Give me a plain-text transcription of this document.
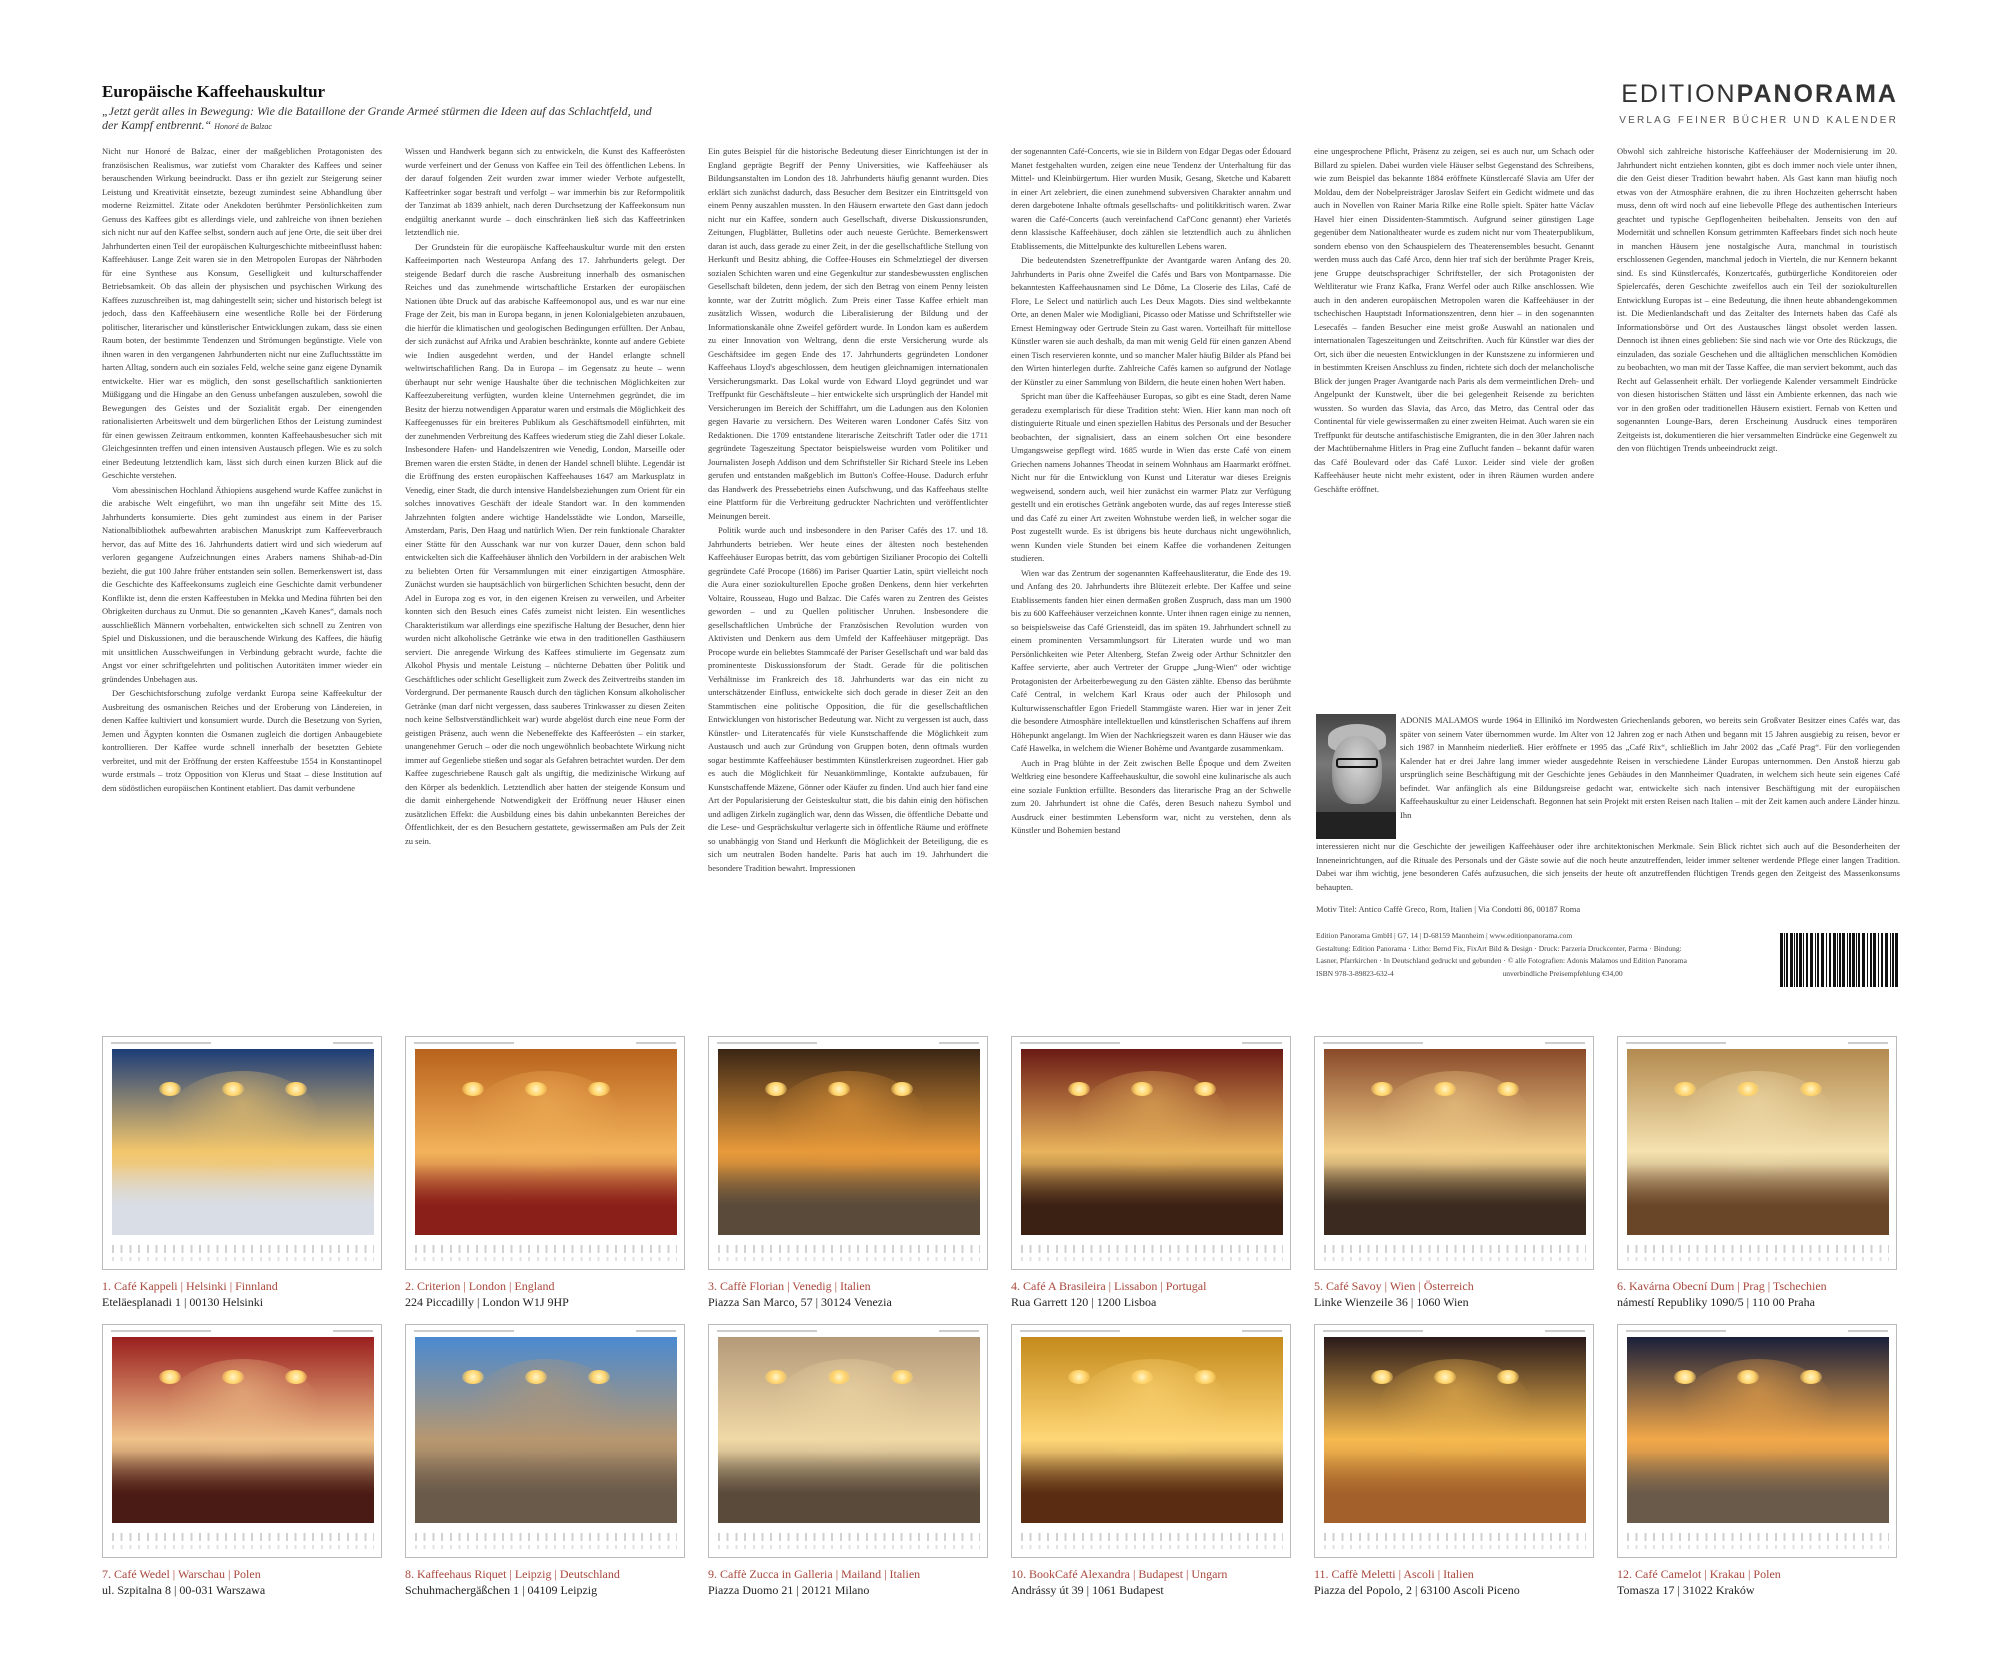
Europäische Kaffeehauskultur
„Jetzt gerät alles in Bewegung: Wie die Bataillone der Grande Armeé stürmen die Ideen auf das Schlachtfeld, und der Kampf entbrennt.“ Honoré de Balzac
EDITIONPANORAMA
VERLAG FEINER BÜCHER UND KALENDER

Nicht nur Honoré de Balzac, einer der maßgeblichen Protagonisten des französischen Realismus, war zutiefst vom Charakter des Kaffees und seiner berauschenden Wirkung beeindruckt. Dass er ihn gezielt zur Steigerung seiner Leistung und Kreativität einsetzte, bezeugt zumindest seine Abhandlung über moderne Reizmittel. Zitate oder Anekdoten berühmter Persönlichkeiten zum Genuss des Kaffees gibt es allerdings viele, und zahlreiche von ihnen beziehen sich nicht nur auf den Kaffee selbst, sondern auch auf jene Orte, die seit über drei Jahrhunderten einen Teil der europäischen Kulturgeschichte mitbeeinflusst haben: Kaffeehäuser. Lange Zeit waren sie in den Metropolen Europas der Nährboden für eine Synthese aus Konsum, Geselligkeit und kulturschaffender Betriebsamkeit. Ob das allein der physischen und psychischen Wirkung des Kaffees zuzuschreiben ist, mag dahingestellt sein; sicher und historisch belegt ist jedoch, dass den Kaffeehäusern eine wesentliche Rolle bei der Förderung politischer, literarischer und künstlerischer Entwicklungen zukam, dass sie einen Raum boten, der bestimmte Tendenzen und Strömungen begünstigte. Viele von ihnen waren in den vergangenen Jahrhunderten nicht nur eine Zufluchtsstätte im harten Alltag, sondern auch ein soziales Feld, welche seine ganz eigene Dynamik entwickelte. Hier war es möglich, den sonst gesellschaftlich sanktionierten Müßiggang und die Hingabe an den Genuss unbefangen auszuleben, sowohl die Bewegungen des Geistes und der Sozialität ergab. Der einengenden rationalisierten Arbeitswelt und dem bürgerlichen Ethos der Leistung zumindest für einen gewissen Zeitraum entkommen, konnten Kaffeehausbesucher sich mit Gleichgesinnten treffen und einen intensiven Austausch pflegen. Wie es zu solch einer Bedeutung letztendlich kam, lässt sich durch einen kurzen Blick auf die Geschichte verstehen.

Vom abessinischen Hochland Äthiopiens ausgehend wurde Kaffee zunächst in die arabische Welt eingeführt, wo man ihn ungefähr seit Mitte des 15. Jahrhunderts konsumierte. Dies geht zumindest aus einem in der Pariser Nationalbibliothek aufbewahrten arabischen Manuskript zum Kaffeeverbrauch hervor, das auf Mitte des 16. Jahrhunderts datiert wird und sich wiederum auf verloren gegangene Aufzeichnungen eines Arabers namens Shihab-ad-Din bezieht, die gut 100 Jahre früher entstanden sein sollen. Bemerkenswert ist, dass die Geschichte des Kaffeekonsums zugleich eine Geschichte damit verbundener Konflikte ist, denn die ersten Kaffeestuben in Mekka und Medina führten bei den Obrigkeiten durchaus zu Unmut. Die so genannten „Kaveh Kanes“, damals noch ausschließlich Männern vorbehalten, entwickelten sich schnell zu Zentren von Spiel und Diskussionen, und die berauschende Wirkung des Kaffees, die häufig mit unsittlichen Ausschweifungen in Verbindung gebracht wurde, fachte die Angst vor einer schriftgelehrten und politischen Autoritäten immer wieder ein gründendes Unbehagen aus.

Der Geschichtsforschung zufolge verdankt Europa seine Kaffeekultur der Ausbreitung des osmanischen Reiches und der Eroberung von Ländereien, in denen Kaffee kultiviert und konsumiert wurde. Durch die Besetzung von Syrien, Jemen und Ägypten konnten die Osmanen zugleich die dortigen Anbaugebiete kontrollieren. Der Kaffee wurde schnell innerhalb der besetzten Gebiete verbreitet, und mit der Eröffnung der ersten Kaffeestube 1554 in Konstantinopel wurde erstmals – trotz Opposition von Klerus und Staat – diese Institution auf dem südöstlichen europäischen Kontinent etabliert. Das damit verbundene

Wissen und Handwerk begann sich zu entwickeln, die Kunst des Kaffeerösten wurde verfeinert und der Genuss von Kaffee ein Teil des öffentlichen Lebens. In der darauf folgenden Zeit wurden zwar immer wieder Verbote aufgestellt, Kaffeetrinker sogar bestraft und verfolgt – war immerhin bis zur Reformpolitik der Tanzimat ab 1839 anhielt, nach deren Durchsetzung der Kaffeekonsum nun endgültig anerkannt wurde – doch einschränken ließ sich das Kaffeetrinken letztendlich nie.

Der Grundstein für die europäische Kaffeehauskultur wurde mit den ersten Kaffeeimporten nach Westeuropa Anfang des 17. Jahrhunderts gelegt. Der steigende Bedarf durch die rasche Ausbreitung innerhalb des osmanischen Reiches und das zunehmende wirtschaftliche Erstarken der europäischen Nationen übte Druck auf das arabische Kaffeemonopol aus, und es war nur eine Frage der Zeit, bis man in Europa begann, in jenen Kolonialgebieten anzubauen, die hierfür die klimatischen und geologischen Bedingungen erfüllten. Der Anbau, der sich zunächst auf Afrika und Arabien beschränkte, konnte auf andere Gebiete wie Indien ausgedehnt werden, und der Handel erlangte schnell weltwirtschaftlichen Rang. Da in Europa – im Gegensatz zu heute – wenn überhaupt nur sehr wenige Haushalte über die technischen Möglichkeiten zur Kaffeezubereitung verfügten, wurden kleine Unternehmen gegründet, die im Besitz der hierzu notwendigen Apparatur waren und erstmals die Möglichkeit des Kaffeegenusses für ein breiteres Publikum als Geschäftsmodell einführten, mit der zunehmenden Verbreitung des Kaffees wiederum stieg die Zahl dieser Lokale. Insbesondere Hafen- und Handelszentren wie Venedig, London, Marseille oder Bremen waren die ersten Städte, in denen der Handel schnell blühte. Legendär ist die Eröffnung des ersten europäischen Kaffeehauses 1647 am Markusplatz in Venedig, einer Stadt, die durch intensive Handelsbeziehungen zum Orient für ein solches innovatives Geschäft der ideale Standort war. In den kommenden Jahrzehnten folgten andere wichtige Handelsstädte wie London, Marseille, Amsterdam, Paris, Den Haag und natürlich Wien. Der rein funktionale Charakter einer Stätte für den Ausschank war nur von kurzer Dauer, denn schon bald entwickelten sich die Kaffeehäuser ähnlich den Vorbildern in der arabischen Welt zu beliebten Orten für Versammlungen mit einer einzigartigen Atmosphäre. Zunächst wurden sie hauptsächlich von bürgerlichen Schichten besucht, denn der Adel in Europa zog es vor, in den eigenen Kreisen zu verweilen, und Arbeiter konnten sich den Besuch eines Cafés zumeist nicht leisten. Ein wesentliches Charakteristikum war allerdings eine spezifische Haltung der Besucher, denn hier wurden nicht alkoholische Getränke wie etwa in den traditionellen Gasthäusern serviert. Die anregende Wirkung des Kaffees stimulierte im Gegensatz zum Alkohol Physis und mentale Leistung – nüchterne Debatten über Politik und Geschäftliches oder schlicht Geselligkeit zum Zweck des Zeitvertreibs standen im Vordergrund. Der permanente Rausch durch den täglichen Konsum alkoholischer Getränke (man darf nicht vergessen, dass sauberes Trinkwasser zu diesen Zeiten noch keine Selbstverständlichkeit war) wurde abgelöst durch eine neue Form der geistigen Präsenz, auch wenn die Nebeneffekte des Kaffeerösten – ein starker, unangenehmer Geruch – oder die noch ungewöhnlich beobachtete Wirkung nicht immer auf Gegenliebe stießen und sogar als Gefahren betrachtet wurden. Der dem Kaffee zugeschriebene Rausch galt als ungiftig, die medizinische Wirkung auf den Körper als bedenklich. Letztendlich aber hatten der steigende Konsum und die damit einhergehende Notwendigkeit der Eröffnung neuer Häuser einen zusätzlichen Effekt: die Ausbildung eines bis dahin unbekannten Bereiches der Öffentlichkeit, der es den Besuchern gestattete, gewissermaßen am Puls der Zeit zu sein.

Ein gutes Beispiel für die historische Bedeutung dieser Einrichtungen ist der in England geprägte Begriff der Penny Universities, wie Kaffeehäuser als Bildungsanstalten im London des 18. Jahrhunderts häufig genannt wurden. Dies erklärt sich zunächst dadurch, dass Besucher dem Besitzer ein Eintrittsgeld von einem Penny auszahlen mussten. In den Häusern erwartete den Gast dann jedoch nicht nur ein Kaffee, sondern auch Gesellschaft, diverse Diskussionsrunden, Zeitungen, Flugblätter, Bulletins oder auch neueste Gerüchte. Bemerkenswert daran ist auch, dass gerade zu einer Zeit, in der die gesellschaftliche Stellung von Herkunft und Besitz abhing, die Coffee-Houses ein Schmelztiegel der diversen sozialen Schichten waren und eine Gegenkultur zur standesbewussten englischen Gesellschaft bildeten, denn jedem, der sich den Betrag von einem Penny leisten konnte, war der Zutritt möglich. Zum Preis einer Tasse Kaffee erhielt man zusätzlich Wissen, wodurch die Liberalisierung der Bildung und der Informationskanäle ohne Zweifel gefördert wurde. In London kam es außerdem zu einer Innovation von Weltrang, denn die erste Versicherung wurde als Geschäftsidee im gegen Ende des 17. Jahrhunderts gegründeten Londoner Kaffeehaus Lloyd's abgeschlossen, dem heutigen gleichnamigen internationalen Versicherungsmarkt. Das Lokal wurde von Edward Lloyd gegründet und war Treffpunkt für Geschäftsleute – hier entwickelte sich ursprünglich der Handel mit Versicherungen im Bereich der Schifffahrt, um die Ladungen aus den Kolonien gegen Havarie zu versichern. Des Weiteren waren Londoner Cafés Sitz von Redaktionen. Die 1709 entstandene literarische Zeitschrift Tatler oder die 1711 gegründete Tageszeitung Spectator beispielsweise wurden vom Politiker und Journalisten Joseph Addison und dem Schriftsteller Sir Richard Steele ins Leben gerufen und entstanden maßgeblich im Button's Coffee-House. Dadurch erfuhr das Handwerk des Pressebetriebs einen Aufschwung, und das Kaffeehaus stellte eine Plattform für die Verbreitung gedruckter Nachrichten und veröffentlichter Meinungen bereit.

Politik wurde auch und insbesondere in den Pariser Cafés des 17. und 18. Jahrhunderts betrieben. Wer heute eines der ältesten noch bestehenden Kaffeehäuser Europas betritt, das vom gebürtigen Sizilianer Procopio dei Coltelli gegründete Café Procope (1686) im Pariser Quartier Latin, spürt vielleicht noch die Aura einer soziokulturellen Epoche großen Denkens, denn hier verkehrten Voltaire, Rousseau, Hugo und Balzac. Die Cafés waren zu Zentren des Geistes geworden – und zu Quellen politischer Unruhen. Insbesondere die gesellschaftlichen Umbrüche der Französischen Revolution wurden von Aktivisten und Denkern aus dem Umfeld der Kaffeehäuser mitgeprägt. Das Procope wurde ein beliebtes Stammcafé der Pariser Gesellschaft und war bald das prominenteste Diskussionsforum der Stadt. Gerade für die politischen Verhältnisse im Frankreich des 18. Jahrhunderts war das ein nicht zu unterschätzender Einfluss, entwickelte sich doch gerade in dieser Zeit an den Stammtischen eine politische Opposition, die für die gesellschaftlichen Entwicklungen von historischer Bedeutung war. Nicht zu vergessen ist auch, dass Künstler- und Literatencafés für viele Kunstschaffende die Möglichkeit zum Austausch und auch zur Gründung von Gruppen boten, denn oftmals wurden sogar bestimmte Kaffeehäuser bestimmten Künstlerkreisen zugeordnet. Hier gab es auch die Möglichkeit für Neuankömmlinge, Kontakte aufzubauen, für Kunstschaffende Mäzene, Gönner oder Käufer zu finden. Und auch hier fand eine Art der Popularisierung der Geisteskultur statt, die bis dahin einig den höfischen und adligen Zirkeln zugänglich war, denn das Wissen, die öffentliche Debatte und die Lese- und Gesprächskultur verlagerte sich in öffentliche Räume und eröffnete so unabhängig von Stand und Herkunft die Möglichkeit der Beteiligung, die es sich um neutralen Boden handelte. Paris hat auch im 19. Jahrhundert die besondere Tradition bewahrt. Impressionen

der sogenannten Café-Concerts, wie sie in Bildern von Edgar Degas oder Édouard Manet festgehalten wurden, zeigen eine neue Tendenz der Unterhaltung für das Mittel- und Kleinbürgertum. Hier wurden Musik, Gesang, Sketche und Kabarett in einer Art zelebriert, die einen zunehmend subversiven Charakter annahm und deren dargebotene Inhalte oftmals gesellschafts- und politikkritisch waren. Zwar waren die Café-Concerts (auch vereinfachend Caf'Conc genannt) eher Varietés denn klassische Kaffeehäuser, doch zählen sie letztendlich auch zu ähnlichen Etablissements, die Mittelpunkte des kulturellen Lebens waren.

Die bedeutendsten Szenetreffpunkte der Avantgarde waren Anfang des 20. Jahrhunderts in Paris ohne Zweifel die Cafés und Bars von Montparnasse. Die bekanntesten Kaffeehausnamen sind Le Dôme, La Closerie des Lilas, Café de Flore, Le Select und natürlich auch Les Deux Magots. Dies sind weltbekannte Orte, an denen Maler wie Modigliani, Picasso oder Matisse und Schriftsteller wie Ernest Hemingway oder Gertrude Stein zu Gast waren. Vorteilhaft für mittellose Künstler waren sie auch deshalb, da man mit wenig Geld für einen ganzen Abend einen Tisch reservieren konnte, und so mancher Maler häufig Bilder als Pfand bei den Wirten hinterlegen durfte. Zahlreiche Cafés kamen so aufgrund der Notlage der Künstler zu einer Sammlung von Bildern, die heute einen hohen Wert haben.

Spricht man über die Kaffeehäuser Europas, so gibt es eine Stadt, deren Name geradezu exemplarisch für diese Tradition steht: Wien. Hier kann man noch oft distinguierte Rituale und einen speziellen Habitus des Personals und der Besucher beobachten, der signalisiert, dass an einem solchen Ort eine besondere Umgangsweise gepflegt wird. 1685 wurde in Wien das erste Café von einem Griechen namens Johannes Theodat in seinem Wohnhaus am Haarmarkt eröffnet. Nicht nur für die Entwicklung von Kunst und Literatur war dieses Ereignis wegweisend, sondern auch, weil hier zunächst ein warmer Platz zur Verfügung gestellt und ein erotisches Getränk angeboten wurde, das auf reges Interesse stieß und das Café zu einer Art zweiten Wohnstube werden ließ, in welcher sogar die Post zugestellt wurde. Es ist übrigens bis heute durchaus nicht ungewöhnlich, wenn Kunden viele Stunden bei einem Kaffee die vorhandenen Zeitungen studieren.

Wien war das Zentrum der sogenannten Kaffeehausliteratur, die Ende des 19. und Anfang des 20. Jahrhunderts ihre Blütezeit erlebte. Der Kaffee und seine Etablissements fanden hier einen dermaßen großen Zuspruch, dass man um 1900 bis zu 600 Kaffeehäuser verzeichnen konnte. Unter ihnen ragen einige zu nennen, so beispielsweise das Café Griensteidl, das im späten 19. Jahrhundert schnell zu einem prominenten Versammlungsort für Literaten wurde und wo man Persönlichkeiten wie Peter Altenberg, Stefan Zweig oder Arthur Schnitzler den Kaffee servierte, aber auch Vertreter der Gruppe „Jung-Wien“ oder wichtige Protagonisten der Arbeiterbewegung zu den Gästen zählte. Ebenso das berühmte Café Central, in welchem Karl Kraus oder auch der Philosoph und Kulturwissenschaftler Egon Friedell Stammgäste waren. Hier war in jener Zeit die besondere Atmosphäre intellektuellen und künstlerischen Schaffens auf ihrem Höhepunkt angelangt. Im Wien der Nachkriegszeit waren es dann Häuser wie das Café Hawelka, in welchem die Wiener Bohème und Avantgarde zusammenkam.

Auch in Prag blühte in der Zeit zwischen Belle Époque und dem Zweiten Weltkrieg eine besondere Kaffeehauskultur, die sowohl eine kulinarische als auch eine soziale Funktion erfüllte. Besonders das literarische Prag an der Schwelle zum 20. Jahrhundert ist ohne die Cafés, deren Besuch nahezu Symbol und Ausdruck einer bestimmten Lebensform war, nicht zu verstehen, denn als Künstler und Bohemien bestand

eine ungesprochene Pflicht, Präsenz zu zeigen, sei es auch nur, um Schach oder Billard zu spielen. Dabei wurden viele Häuser selbst Gegenstand des Schreibens, wie zum Beispiel das bekannte 1884 eröffnete Künstlercafé Slavia am Ufer der Moldau, dem der Nobelpreisträger Jaroslav Seifert ein Gedicht widmete und das auch in Novellen von Rainer Maria Rilke eine Rolle spielt. Später hatte Václav Havel hier einen Dissidenten-Stammtisch. Aufgrund seiner günstigen Lage gegenüber dem Nationaltheater wurde es zudem nicht nur vom Theaterpublikum, sondern ebenso von den Schauspielern des Theaterensembles besucht. Genannt werden muss auch das Café Arco, denn hier traf sich der berühmte Prager Kreis, jene Gruppe deutschsprachiger Schriftsteller, der sich Protagonisten der Weltliteratur wie Franz Kafka, Franz Werfel oder auch Rilke anschlossen. Wie auch in den anderen europäischen Metropolen waren die Kaffeehäuser in der tschechischen Hauptstadt Informationszentren, denn hier – in den sogenannten Lesecafés – fanden Besucher eine meist große Auswahl an nationalen und internationalen Tageszeitungen und Zeitschriften. Auch für Künstler war dies der Ort, sich über die neuesten Entwicklungen in der Kunstszene zu informieren und in bestimmten Kreisen Anschluss zu finden, richtete sich doch der melancholische Blick der jungen Prager Avantgarde nach Paris als dem vermeintlichen Dreh- und Angelpunkt der Kunstwelt, über die bei gelegenheit Reisende zu berichten wussten. So wurden das Slavia, das Arco, das Metro, das Central oder das Continental für viele gewissermaßen zu einer zweiten Heimat. Auch waren sie ein Treffpunkt für deutsche antifaschistische Emigranten, die in den 30er Jahren nach der Machtübernahme Hitlers in Prag eine Zuflucht fanden – bekannt dafür waren das Café Boulevard oder das Café Luxor. Leider sind viele der großen Kaffeehäuser heute nicht mehr existent, oder in ihren Räumen wurden andere Geschäfte eröffnet.

Obwohl sich zahlreiche historische Kaffeehäuser der Modernisierung im 20. Jahrhundert nicht entziehen konnten, gibt es doch immer noch viele unter ihnen, die den Geist dieser Tradition bewahrt haben. Als Gast kann man häufig noch etwas von der Atmosphäre erahnen, die zu ihren Hochzeiten geherrscht haben muss, denn oft wird noch auf eine liebevolle Pflege des authentischen Interieurs geachtet und typische Gepflogenheiten beibehalten. Jenseits von den auf Modernität und schnellen Konsum getrimmten Kaffeebars findet sich noch heute in manchen Häusern jene nostalgische Aura, manchmal in touristisch erschlossenen Gegenden, manchmal jedoch in Vierteln, die nur Kennern bekannt sind. Es sind Künstlercafés, Konzertcafés, gutbürgerliche Konditoreien oder Spielercafés, deren Geschichte zweifellos auch ein Teil der soziokulturellen Entwicklung Europas ist – eine Bedeutung, die ihnen heute abhandengekommen ist. Die Medienlandschaft und das Zeitalter des Internets haben das Café als Informationsbörse und Ort des Austausches längst obsolet werden lassen. Dennoch ist ihnen eines geblieben: Sie sind nach wie vor Orte des Rückzugs, die einzuladen, das soziale Geschehen und die alltäglichen menschlichen Komödien zu beobachten, wo man mit der Tasse Kaffee, die man serviert bekommt, auch das Recht auf Gelassenheit erhält. Der vorliegende Kalender versammelt Eindrücke von diesen historischen Stätten und lässt ein Ambiente erkennen, das nach wie vor in den großen oder traditionellen Häusern existiert. Fernab von Ketten und sogenannten Lounge-Bars, deren Erscheinung Ausdruck eines temporären Zeitgeists ist, dokumentieren die hier versammelten Eindrücke eine Gegenwelt zu den von flüchtigen Trends unbeeindruckt zeigt.

ADONIS MALAMOS wurde 1964 in Ellinikó im Nordwesten Griechenlands geboren, wo bereits sein Großvater Besitzer eines Cafés war, das später von seinem Vater übernommen wurde. Im Alter von 12 Jahren zog er nach Athen und begann mit 15 Jahren ausgiebig zu reisen, bevor er sich 1987 in Mannheim niederließ. Hier eröffnete er 1995 das „Café Rix“, schließlich im Jahr 2002 das „Café Prag“. Für den vorliegenden Kalender hat er drei Jahre lang immer wieder ausgedehnte Reisen in verschiedene Länder Europas unternommen. Den Anstoß hierzu gab ursprünglich seine Beschäftigung mit der Geschichte jenes Gebäudes in den Mannheimer Quadraten, in welchem sich heute sein eigenes Café befindet. War anfänglich als eine Bildungsreise gedacht war, entwickelte sich nach intensiver Beschäftigung mit der europäischen Kaffeehauskultur zu einer Leidenschaft. Begonnen hat sein Projekt mit ersten Reisen nach Italien – mit der Zeit kamen auch andere Länder hinzu. Ihn
interessieren nicht nur die Geschichte der jeweiligen Kaffeehäuser oder ihre architektonischen Merkmale. Sein Blick richtet sich auch auf die Besonderheiten der Inneneinrichtungen, auf die Rituale des Personals und der Gäste sowie auf die noch heute anzutreffenden, leider immer seltener werdende Pflege einer langen Tradition. Dabei war ihm wichtig, jene besonderen Cafés aufzusuchen, die sich jenseits der heute oft anzutreffenden flüchtigen Trends gegen den Zeitgeist des Massenkonsums behaupten.
Motiv Titel: Antico Caffè Greco, Rom, Italien | Via Condotti 86, 00187 Roma
Edition Panorama GmbH | G7, 14 | D-68159 Mannheim | www.editionpanorama.com
Gestaltung: Edition Panorama · Litho: Bernd Fix, FixArt Bild & Design · Druck: Parzeria Druckcenter, Parma · Bindung:
Lasner, Pfarrkirchen · In Deutschland gedruckt und gebunden · © alle Fotografien: Adonis Malamos und Edition Panorama
ISBN 978-3-89823-632-4                                                          unverbindliche Preisempfehlung €34,00
1. Café Kappeli | Helsinki | Finnland
Eteläesplanadi 1 | 00130 Helsinki
2. Criterion | London | England
224 Piccadilly | London W1J 9HP
3. Caffè Florian | Venedig | Italien
Piazza San Marco, 57 | 30124 Venezia
4. Café A Brasileira | Lissabon | Portugal
Rua Garrett 120 | 1200 Lisboa
5. Café Savoy | Wien | Österreich
Linke Wienzeile 36 | 1060 Wien
6. Kavárna Obecní Dum | Prag | Tschechien
námestí Republiky 1090/5 | 110 00 Praha
7. Café Wedel | Warschau | Polen
ul. Szpitalna 8 | 00-031 Warszawa
8. Kaffeehaus Riquet | Leipzig | Deutschland
Schuhmachergäßchen 1 | 04109 Leipzig
9. Caffè Zucca in Galleria | Mailand | Italien
Piazza Duomo 21 | 20121 Milano
10. BookCafé Alexandra | Budapest | Ungarn
Andrássy út 39 | 1061 Budapest
11. Caffè Meletti | Ascoli | Italien
Piazza del Popolo, 2 | 63100 Ascoli Piceno
12. Café Camelot | Krakau | Polen
Tomasza 17 | 31022 Kraków
